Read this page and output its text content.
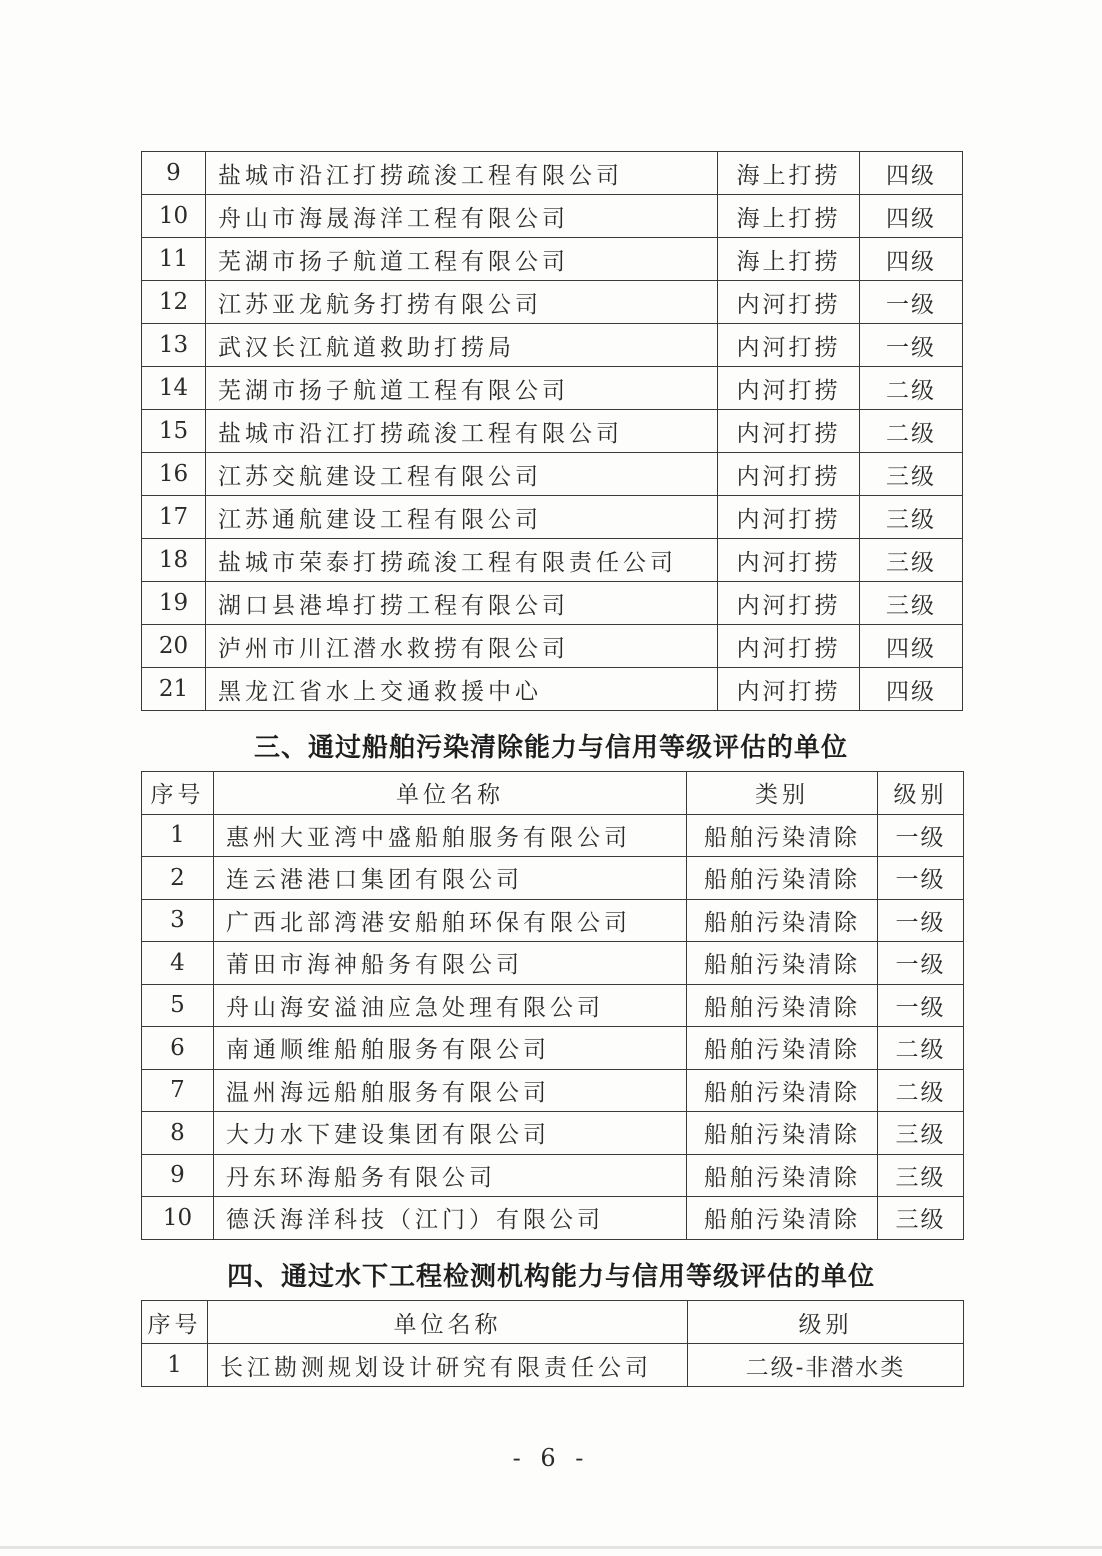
9	盐城市沿江打捞疏浚工程有限公司	海上打捞	四级
10	舟山市海晟海洋工程有限公司	海上打捞	四级
11	芜湖市扬子航道工程有限公司	海上打捞	四级
12	江苏亚龙航务打捞有限公司	内河打捞	一级
13	武汉长江航道救助打捞局	内河打捞	一级
14	芜湖市扬子航道工程有限公司	内河打捞	二级
15	盐城市沿江打捞疏浚工程有限公司	内河打捞	二级
16	江苏交航建设工程有限公司	内河打捞	三级
17	江苏通航建设工程有限公司	内河打捞	三级
18	盐城市荣泰打捞疏浚工程有限责任公司	内河打捞	三级
19	湖口县港埠打捞工程有限公司	内河打捞	三级
20	泸州市川江潜水救捞有限公司	内河打捞	四级
21	黑龙江省水上交通救援中心	内河打捞	四级
三、通过船舶污染清除能力与信用等级评估的单位
序号	单位名称	类别	级别
1	惠州大亚湾中盛船舶服务有限公司	船舶污染清除	一级
2	连云港港口集团有限公司	船舶污染清除	一级
3	广西北部湾港安船舶环保有限公司	船舶污染清除	一级
4	莆田市海神船务有限公司	船舶污染清除	一级
5	舟山海安溢油应急处理有限公司	船舶污染清除	一级
6	南通顺维船舶服务有限公司	船舶污染清除	二级
7	温州海远船舶服务有限公司	船舶污染清除	二级
8	大力水下建设集团有限公司	船舶污染清除	三级
9	丹东环海船务有限公司	船舶污染清除	三级
10	德沃海洋科技（江门）有限公司	船舶污染清除	三级
四、通过水下工程检测机构能力与信用等级评估的单位
序号	单位名称	级别
1	长江勘测规划设计研究有限责任公司	二级-非潜水类
- 6 -
